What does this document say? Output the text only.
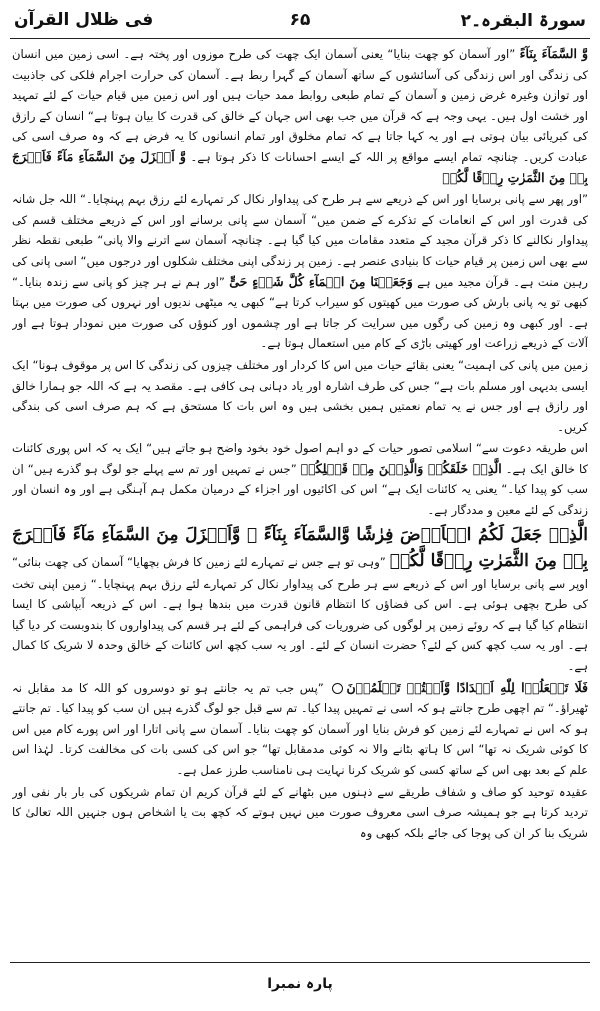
سورۃ البقرہ۔۲
۶۵
فی ظلال القرآن

وَّ السَّمَآءَ بِنَآءً ”اور آسمان کو چھت بنایا“ یعنی آسمان ایک چھت کی طرح موزوں اور پختہ ہے۔ اسی زمین میں انسان کی زندگی اور اس زندگی کی آسائشوں کے ساتھ آسمان کے گہرا ربط ہے۔ آسمان کی حرارت اجرام فلکی کی جاذبیت اور توازن وغیرہ غرض زمین و آسمان کے تمام طبعی روابط ممد حیات ہیں اور اس زمین میں قیام حیات کے لئے تمہید اور خشت اول ہیں۔ یہی وجہ ہے کہ قرآن میں جب بھی اس جہان کے خالق کی قدرت کا بیان ہوتا ہے“ انسان کے رازق کی کبریائی بیان ہوتی ہے اور یہ کہا جاتا ہے کہ تمام مخلوق اور تمام انسانوں کا یہ فرض ہے کہ وہ صرف اسی کی عبادت کریں۔ چنانچہ تمام ایسے مواقع پر اللہ کے ایسے احسانات کا ذکر ہوتا ہے۔ وَّ اَنۡزَلَ مِنَ السَّمَآءِ مَآءً فَاَخۡرَجَ بِهٖ مِنَ الثَّمَرٰتِ رِزۡقًا لَّكُمۡ

”اور پھر سے پانی برسایا اور اس کے ذریعے سے ہر طرح کی پیداوار نکال کر تمہارے لئے رزق بہم پہنچایا۔“ اللہ جل شانہ کی قدرت اور اس کے انعامات کے تذکرے کے ضمن میں“ آسمان سے پانی برسانے اور اس کے ذریعے مختلف قسم کی پیداوار نکالنے کا ذکر قرآن مجید کے متعدد مقامات میں کیا گیا ہے۔ چنانچہ آسمان سے اترنے والا پانی“ طبعی نقطہ نظر سے بھی اس زمین پر قیام حیات کا بنیادی عنصر ہے۔ زمین پر زندگی اپنی مختلف شکلوں اور درجوں میں“ اسی پانی کی رہین منت ہے۔ قرآن مجید میں ہے وَجَعَلۡنَا مِنَ الۡمَآءِ كُلَّ شَیۡءٍ حَیٍّ ”اور ہم نے ہر چیز کو پانی سے زندہ بنایا۔“ کبھی تو یہ پانی بارش کی صورت میں کھیتوں کو سیراب کرتا ہے“ کبھی یہ میٹھی ندیوں اور نہروں کی صورت میں بہتا ہے۔ اور کبھی وہ زمین کی رگوں میں سرایت کر جاتا ہے اور چشموں اور کنوؤں کی صورت میں نمودار ہوتا ہے اور آلات کے ذریعے زراعت اور کھیتی باڑی کے کام میں استعمال ہوتا ہے۔

زمین میں پانی کی اہمیت“ یعنی بقائے حیات میں اس کا کردار اور مختلف چیزوں کی زندگی کا اس پر موقوف ہونا“ ایک ایسی بدیہی اور مسلم بات ہے“ جس کی طرف اشارہ اور یاد دہانی ہی کافی ہے۔ مقصد یہ ہے کہ اللہ جو ہمارا خالق اور رازق ہے اور جس نے یہ تمام نعمتیں ہمیں بخشی ہیں وہ اس بات کا مستحق ہے کہ ہم صرف اسی کی بندگی کریں۔

اس طریقہ دعوت سے“ اسلامی تصور حیات کے دو اہم اصول خود بخود واضح ہو جاتے ہیں“ ایک یہ کہ اس پوری کائنات کا خالق ایک ہے۔ الَّذِیۡ خَلَقَكُمۡ وَالَّذِیۡنَ مِنۡ قَبۡلِكُمۡ ”جس نے تمہیں اور تم سے پہلے جو لوگ ہو گذرے ہیں“ ان سب کو پیدا کیا۔“ یعنی یہ کائنات ایک ہے“ اس کی اکائیوں اور اجزاء کے درمیان مکمل ہم آہنگی ہے اور وہ انسان اور زندگی کے لئے معین و مددگار ہے۔

الَّذِیۡ جَعَلَ لَكُمُ الۡاَرۡضَ فِرٰشًا وَّالسَّمَآءَ بِنَآءً ۖ وَّاَنۡزَلَ مِنَ السَّمَآءِ مَآءً فَاَخۡرَجَ بِهٖ مِنَ الثَّمَرٰتِ رِزۡقًا لَّكُمۡ ”وہی تو ہے جس نے تمہارے لئے زمین کا فرش بچھایا“ آسمان کی چھت بنائی“ اوپر سے پانی برسایا اور اس کے ذریعے سے ہر طرح کی پیداوار نکال کر تمہارے لئے رزق بہم پہنچایا۔“ زمین اپنی تخت کی طرح بچھی ہوئی ہے۔ اس کی فضاؤں کا انتظام قانون قدرت میں بندھا ہوا ہے۔ اس کے ذریعہ آبپاشی کا ایسا انتظام کیا گیا ہے کہ روئے زمین پر لوگوں کی ضروریات کی فراہمی کے لئے ہر قسم کی پیداواروں کا بندوبست کر دیا گیا ہے۔ اور یہ سب کچھ کس کے لئے؟ حضرت انسان کے لئے۔ اور یہ سب کچھ اس کائنات کے خالق وحدہ لا شریک کا کمال ہے۔

فَلَا تَجۡعَلُوۡا لِلّٰهِ اَنۡدَادًا وَّاَنۡتُمۡ تَعۡلَمُوۡنَ ”پس جب تم یہ جانتے ہو تو دوسروں کو اللہ کا مد مقابل نہ ٹھیراؤ۔“ تم اچھی طرح جانتے ہو کہ اسی نے تمہیں پیدا کیا۔ تم سے قبل جو لوگ گذرے ہیں ان سب کو پیدا کیا۔ تم جانتے ہو کہ اس نے تمہارے لئے زمین کو فرش بنایا اور آسمان کو چھت بنایا۔ آسمان سے پانی اتارا اور اس پورے کام میں اس کا کوئی شریک نہ تھا“ اس کا ہاتھ بٹانے والا نہ کوئی مدمقابل تھا“ جو اس کی کسی بات کی مخالفت کرتا۔ لہٰذا اس علم کے بعد بھی اس کے ساتھ کسی کو شریک کرنا نہایت ہی نامناسب طرز عمل ہے۔

عقیدہ توحید کو صاف و شفاف طریقے سے ذہنوں میں بٹھانے کے لئے قرآن کریم ان تمام شریکوں کی بار بار نفی اور تردید کرتا ہے جو ہمیشہ صرف اسی معروف صورت میں نہیں ہوتے کہ کچھ بت یا اشخاص ہوں جنہیں اللہ تعالیٰ کا شریک بنا کر ان کی پوجا کی جائے بلکہ کبھی وہ

پارہ نمبرا
